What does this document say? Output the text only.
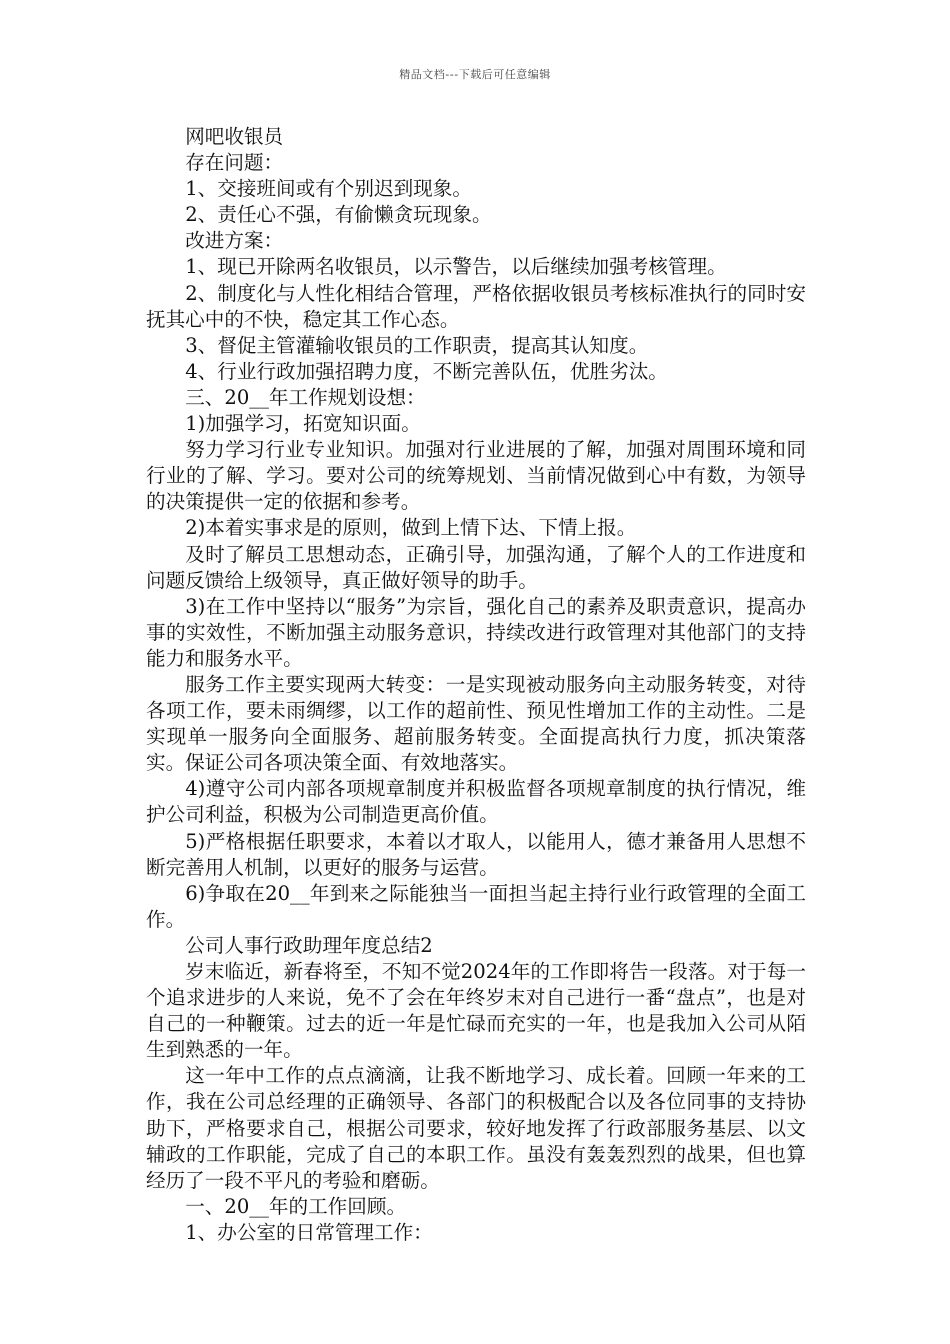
精品文档---下载后可任意编辑

网吧收银员

存在问题：

1、交接班间或有个别迟到现象。

2、责任心不强，有偷懒贪玩现象。

改进方案：

1、现已开除两名收银员，以示警告，以后继续加强考核管理。

2、制度化与人性化相结合管理，严格依据收银员考核标准执行的同时安抚其心中的不快，稳定其工作心态。

3、督促主管灌输收银员的工作职责，提高其认知度。

4、行业行政加强招聘力度，不断完善队伍，优胜劣汰。

三、20__年工作规划设想：

1)加强学习，拓宽知识面。

努力学习行业专业知识。加强对行业进展的了解，加强对周围环境和同行业的了解、学习。要对公司的统筹规划、当前情况做到心中有数，为领导的决策提供一定的依据和参考。

2)本着实事求是的原则，做到上情下达、下情上报。

及时了解员工思想动态，正确引导，加强沟通，了解个人的工作进度和问题反馈给上级领导，真正做好领导的助手。

3)在工作中坚持以“服务”为宗旨，强化自己的素养及职责意识，提高办事的实效性，不断加强主动服务意识，持续改进行政管理对其他部门的支持能力和服务水平。

服务工作主要实现两大转变：一是实现被动服务向主动服务转变，对待各项工作，要未雨绸缪，以工作的超前性、预见性增加工作的主动性。二是实现单一服务向全面服务、超前服务转变。全面提高执行力度，抓决策落实。保证公司各项决策全面、有效地落实。

4)遵守公司内部各项规章制度并积极监督各项规章制度的执行情况，维护公司利益，积极为公司制造更高价值。

5)严格根据任职要求，本着以才取人，以能用人，德才兼备用人思想不断完善用人机制，以更好的服务与运营。

6)争取在20__年到来之际能独当一面担当起主持行业行政管理的全面工作。

公司人事行政助理年度总结2

岁末临近，新春将至，不知不觉2024年的工作即将告一段落。对于每一个追求进步的人来说，免不了会在年终岁末对自己进行一番“盘点”，也是对自己的一种鞭策。过去的近一年是忙碌而充实的一年，也是我加入公司从陌生到熟悉的一年。

这一年中工作的点点滴滴，让我不断地学习、成长着。回顾一年来的工作，我在公司总经理的正确领导、各部门的积极配合以及各位同事的支持协助下，严格要求自己，根据公司要求，较好地发挥了行政部服务基层、以文辅政的工作职能，完成了自己的本职工作。虽没有轰轰烈烈的战果，但也算经历了一段不平凡的考验和磨砺。

一、20__年的工作回顾。

1、办公室的日常管理工作：
